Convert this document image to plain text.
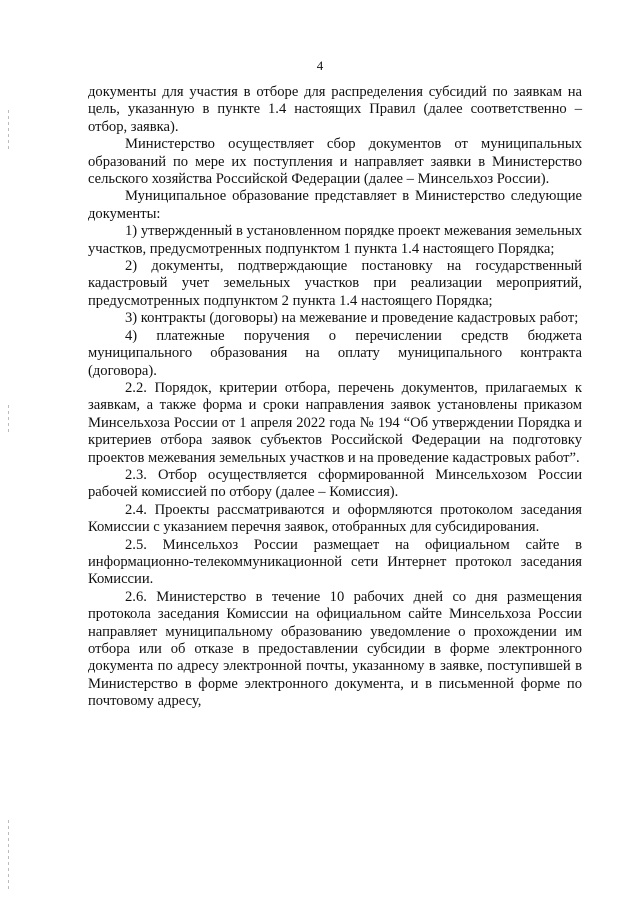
4

документы для участия в отборе для распределения субсидий по заявкам на цель, указанную в пункте 1.4 настоящих Правил (далее соответственно – отбор, заявка).

Министерство осуществляет сбор документов от муниципальных образований по мере их поступления и направляет заявки в Министерство сельского хозяйства Российской Федерации (далее – Минсельхоз России).

Муниципальное образование представляет в Министерство следующие документы:

1) утвержденный в установленном порядке проект межевания земельных участков, предусмотренных подпунктом 1 пункта 1.4 настоящего Порядка;

2) документы, подтверждающие постановку на государственный кадастровый учет земельных участков при реализации мероприятий, предусмотренных подпунктом 2 пункта 1.4 настоящего Порядка;

3) контракты (договоры) на межевание и проведение кадастровых работ;

4) платежные поручения о перечислении средств бюджета муниципального образования на оплату муниципального контракта (договора).

2.2. Порядок, критерии отбора, перечень документов, прилагаемых к заявкам, а также форма и сроки направления заявок установлены приказом Минсельхоза России от 1 апреля 2022 года № 194 “Об утверждении Порядка и критериев отбора заявок субъектов Российской Федерации на подготовку проектов межевания земельных участков и на проведение кадастровых работ”.

2.3. Отбор осуществляется сформированной Минсельхозом России рабочей комиссией по отбору (далее – Комиссия).

2.4. Проекты рассматриваются и оформляются протоколом заседания Комиссии с указанием перечня заявок, отобранных для субсидирования.

2.5. Минсельхоз России размещает на официальном сайте в информационно-телекоммуникационной сети Интернет протокол заседания Комиссии.

2.6. Министерство в течение 10 рабочих дней со дня размещения протокола заседания Комиссии на официальном сайте Минсельхоза России направляет муниципальному образованию уведомление о прохождении им отбора или об отказе в предоставлении субсидии в форме электронного документа по адресу электронной почты, указанному в заявке, поступившей в Министерство в форме электронного документа, и в письменной форме по почтовому адресу,
